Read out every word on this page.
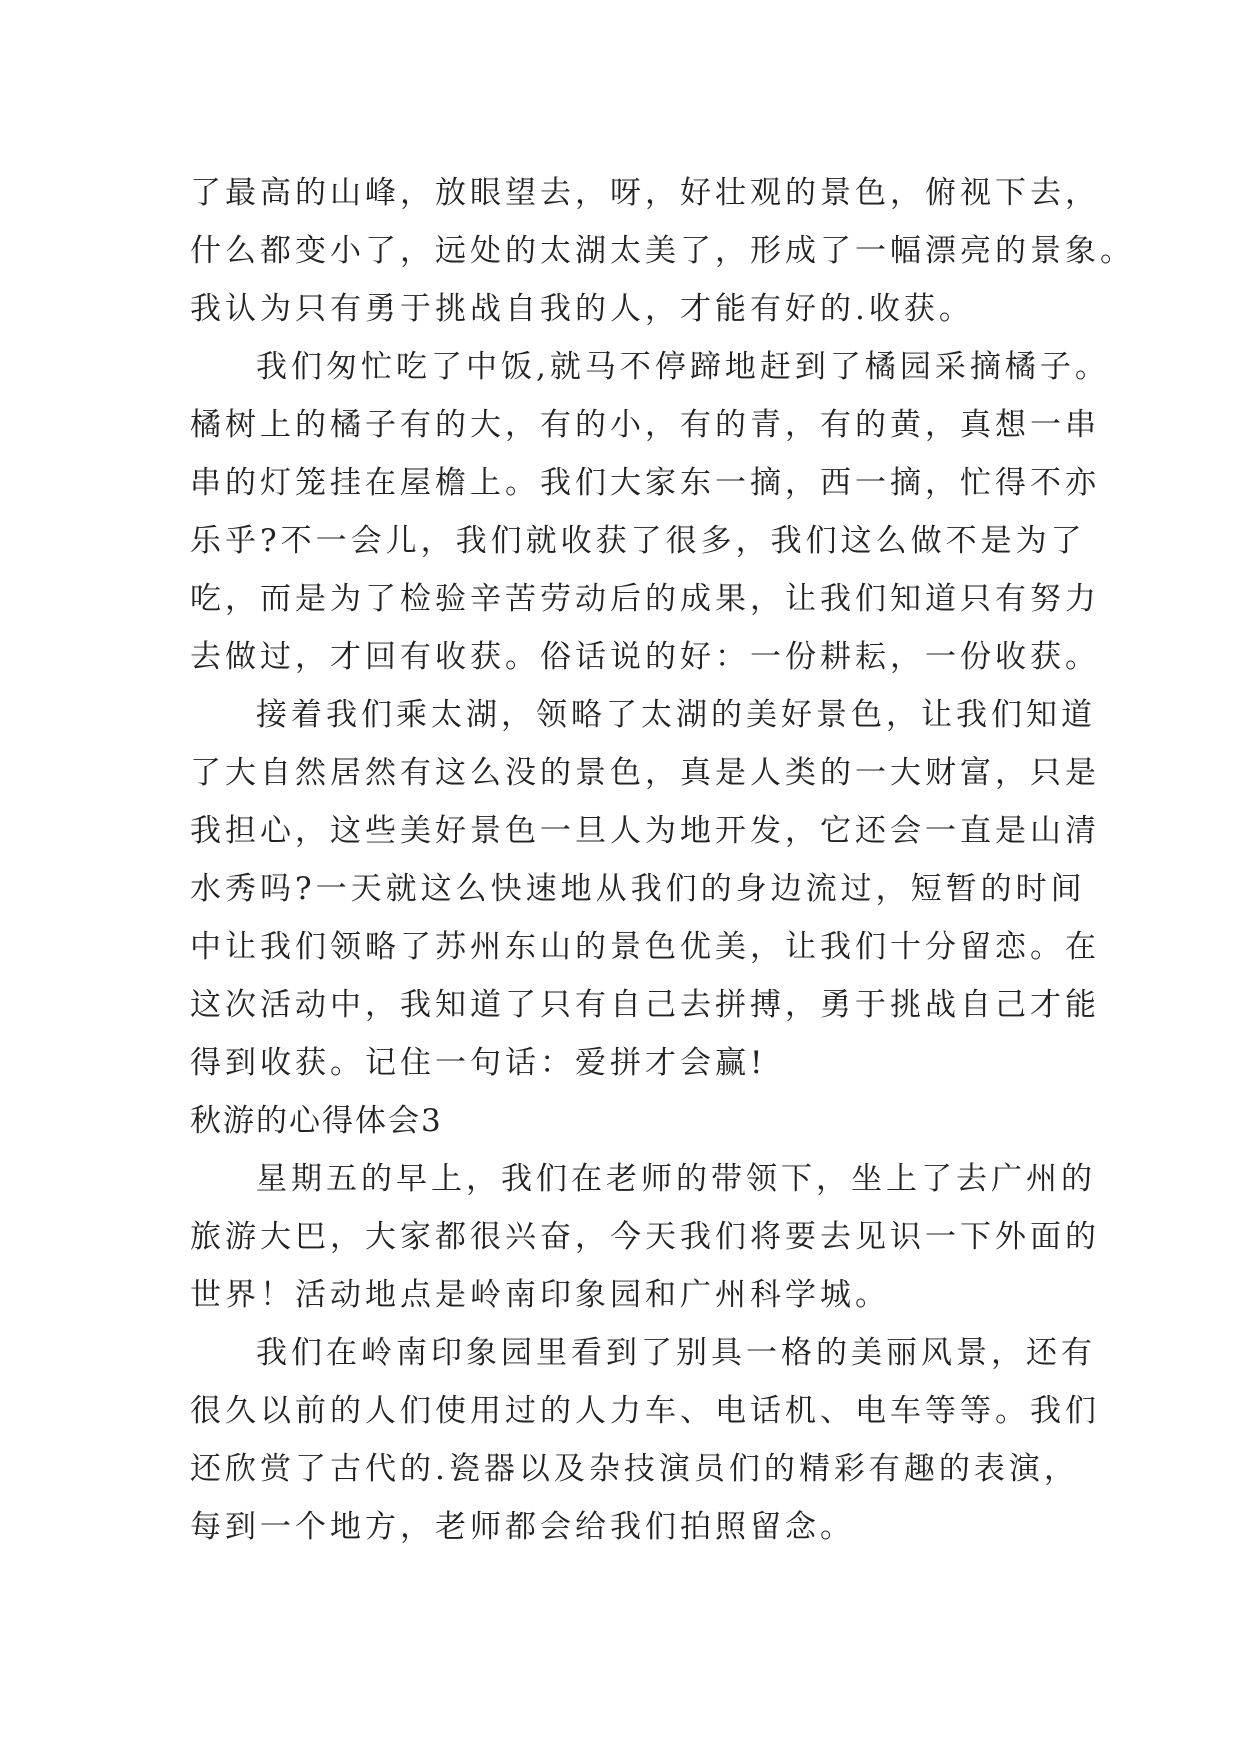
了最高的山峰，放眼望去，呀，好壮观的景色，俯视下去，
什么都变小了，远处的太湖太美了，形成了一幅漂亮的景象。
我认为只有勇于挑战自我的人，才能有好的.收获。
我们匆忙吃了中饭,就马不停蹄地赶到了橘园采摘橘子。
橘树上的橘子有的大，有的小，有的青，有的黄，真想一串
串的灯笼挂在屋檐上。我们大家东一摘，西一摘，忙得不亦
乐乎?不一会儿，我们就收获了很多，我们这么做不是为了
吃，而是为了检验辛苦劳动后的成果，让我们知道只有努力
去做过，才回有收获。俗话说的好：一份耕耘，一份收获。
接着我们乘太湖，领略了太湖的美好景色，让我们知道
了大自然居然有这么没的景色，真是人类的一大财富，只是
我担心，这些美好景色一旦人为地开发，它还会一直是山清
水秀吗?一天就这么快速地从我们的身边流过，短暂的时间
中让我们领略了苏州东山的景色优美，让我们十分留恋。在
这次活动中，我知道了只有自己去拼搏，勇于挑战自己才能
得到收获。记住一句话：爱拼才会赢!
秋游的心得体会3
星期五的早上，我们在老师的带领下，坐上了去广州的
旅游大巴，大家都很兴奋，今天我们将要去见识一下外面的
世界！活动地点是岭南印象园和广州科学城。
我们在岭南印象园里看到了别具一格的美丽风景，还有
很久以前的人们使用过的人力车、电话机、电车等等。我们
还欣赏了古代的.瓷器以及杂技演员们的精彩有趣的表演，
每到一个地方，老师都会给我们拍照留念。
